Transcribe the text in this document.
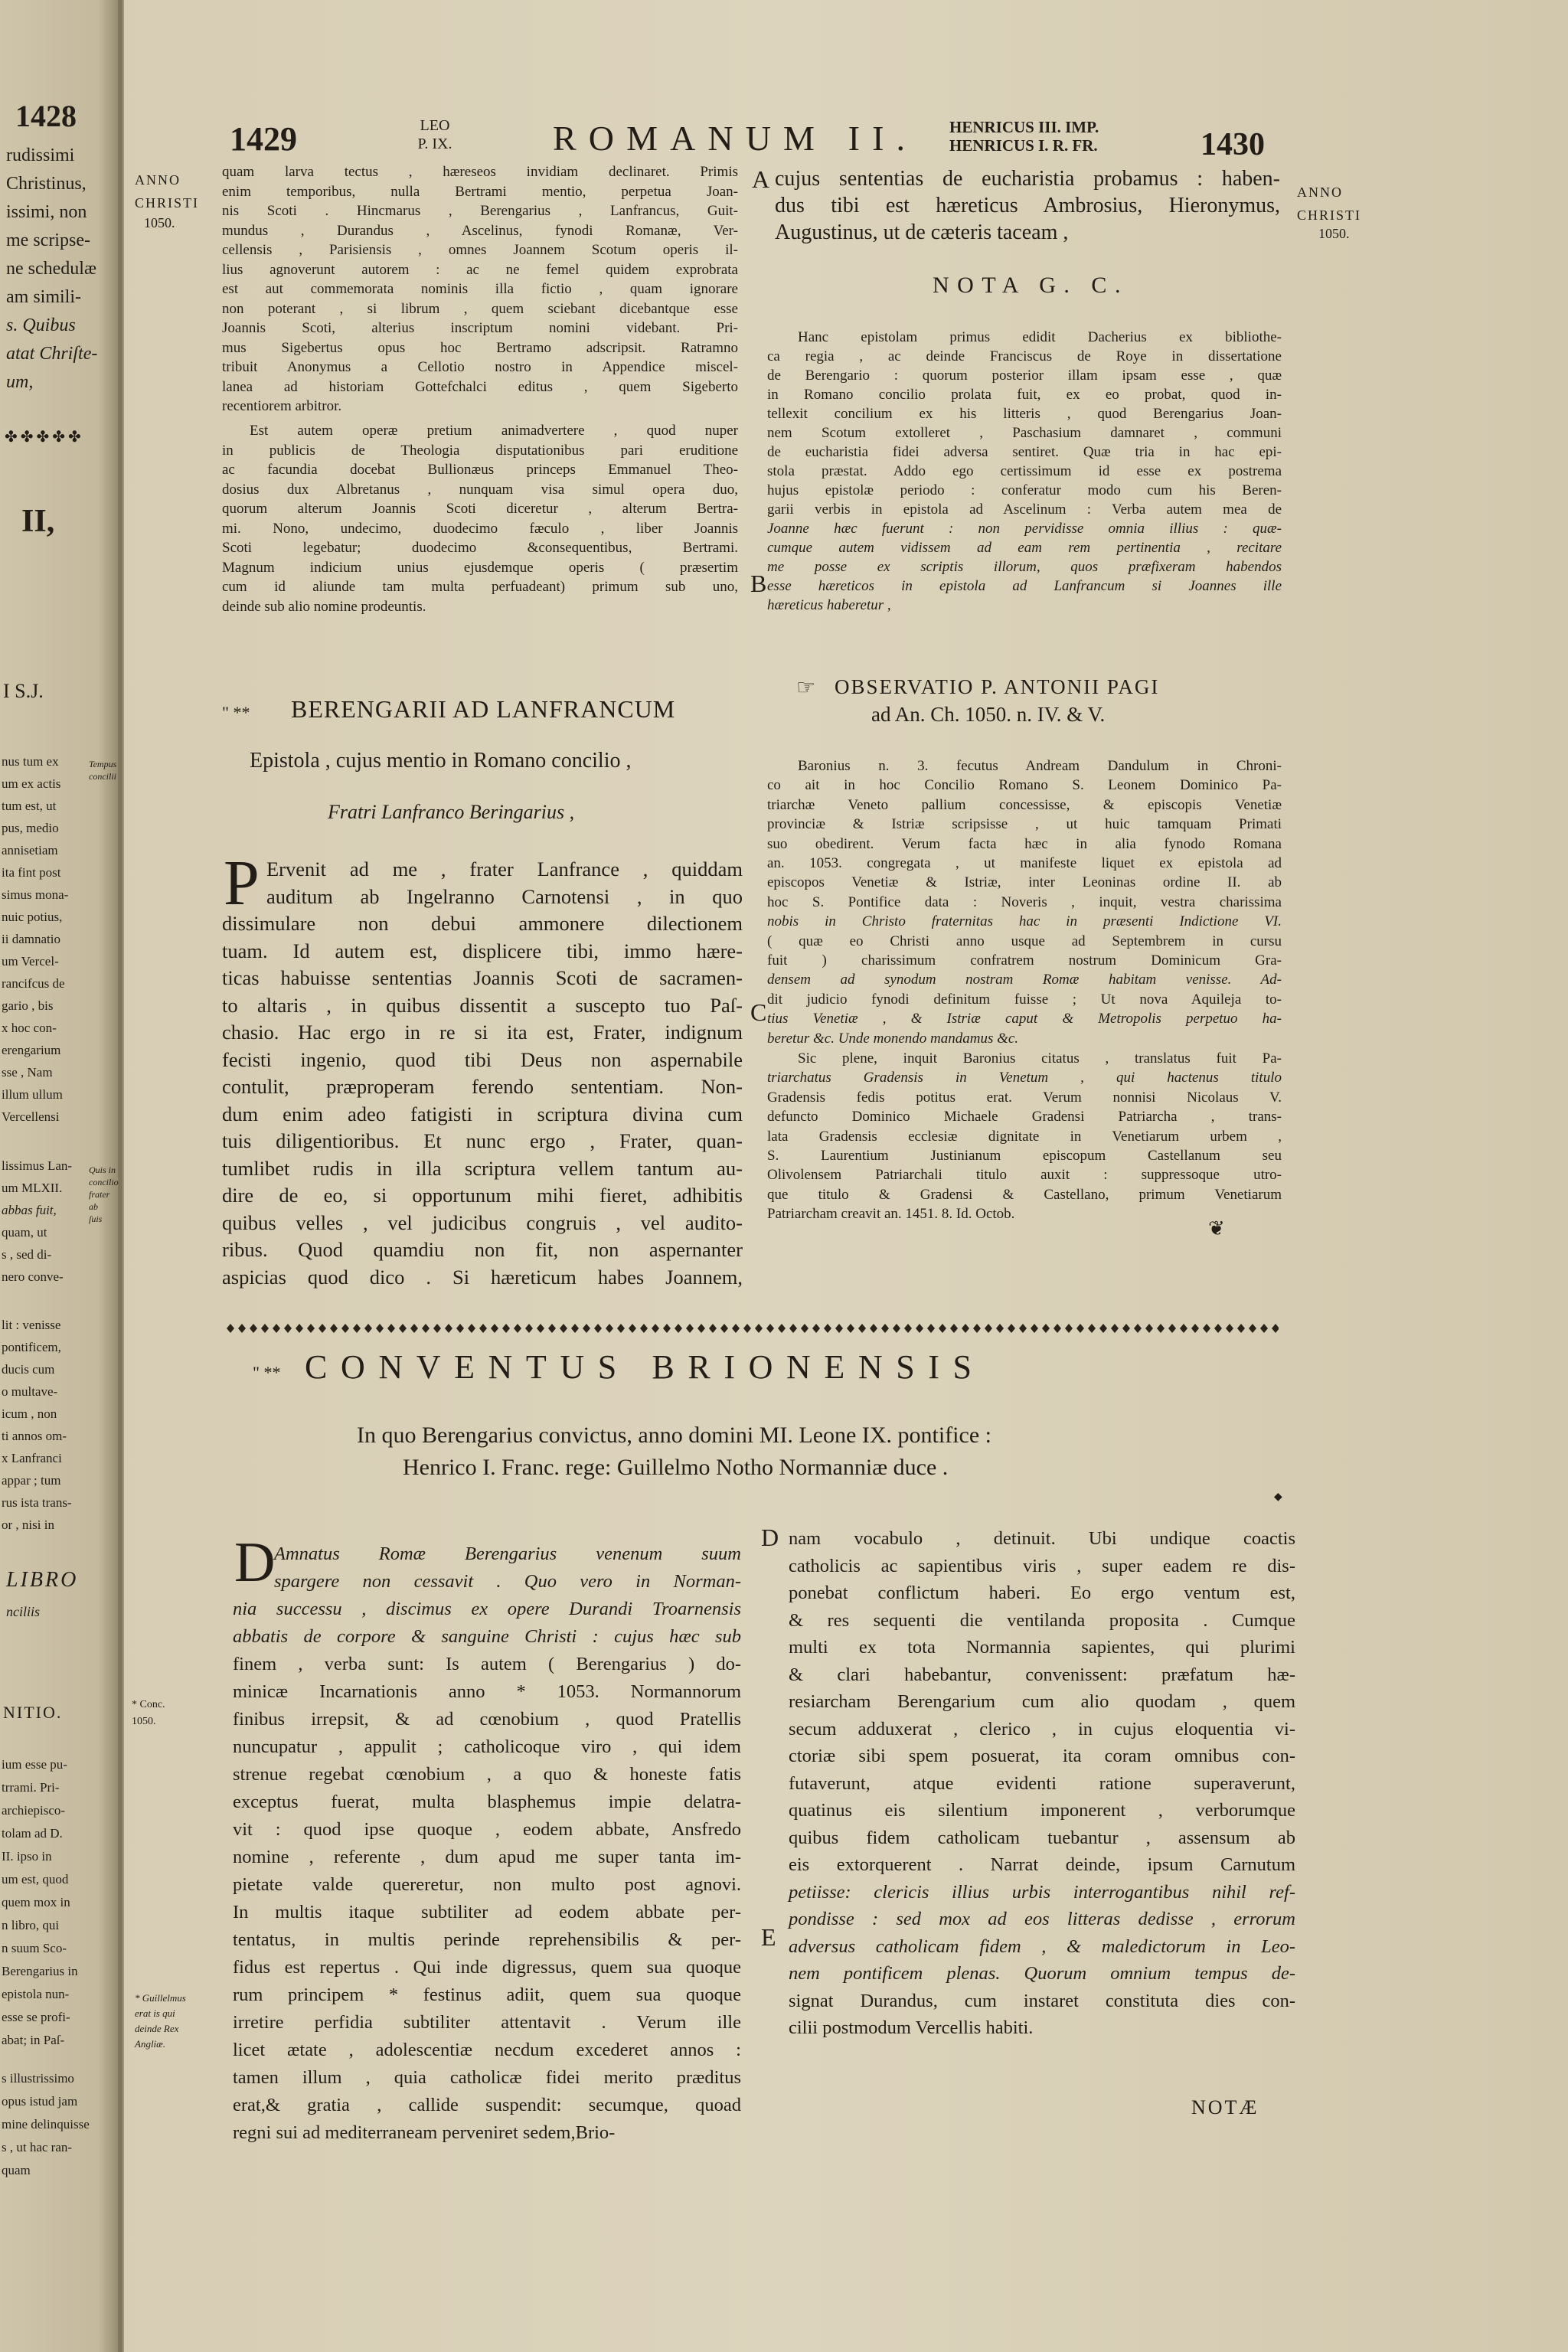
1428
1429	LEO P. IX.	ROMANUM II. HENRICUS III. IMP.
HENRICUS I. R. FR.	1430
ANNO CHRISTI
1050.
ANNO CHRISTI
1050.
rudissimi
Christinus,
issimi, non
me scripse-
ne schedulæ
am simili-
s. Quibus
atat Chriſte-
um,
✤✤✤✤✤
II,
I S.J.
nus tum ex
um ex actis
tum est, ut
pus, medio
annisetiam
ita fint post
simus mona-
nuic potius,
ii damnatio
um Vercel-
rancifcus de
gario , bis
x hoc con-
erengarium
sse , Nam
illum ullum
Vercellensi
lissimus Lan-
um MLXII.
abbas fuit,
quam, ut
s , sed di-
nero conve-
lit : venisse
pontificem,
ducis cum
o multave-
icum , non
ti annos om-
x Lanfranci
appar ; tum
rus ista trans-
or , nisi in
LIBRO
nciliis
NITIO.
ium esse pu-
trrami. Pri-
archiepisco-
tolam ad D.
II. ipso in
um est, quod
quem mox in
n libro, qui
n suum Sco-
Berengarius in
epistola nun-
esse se profi-
abat; in Paſ-
s illustrissimo
opus istud jam
mine delinquisse
s , ut hac ran-
quam
Tempus
concilii
Quis in
concilio
frater ab
ſuis
quam larva tectus , hæreseos invidiam declinaret. Primis
enim temporibus, nulla Bertrami mentio, perpetua Joan-
nis Scoti . Hincmarus , Berengarius , Lanfrancus, Guit-
mundus , Durandus , Ascelinus, fynodi Romanæ, Ver-
cellensis , Parisiensis , omnes Joannem Scotum operis il-
lius agnoverunt autorem : ac ne femel quidem exprobrata
est aut commemorata nominis illa fictio , quam ignorare
non poterant , si librum , quem sciebant dicebantque esse
Joannis Scoti, alterius inscriptum nomini videbant. Pri-
mus Sigebertus opus hoc Bertramo adscripsit. Ratramno
tribuit Anonymus a Cellotio nostro in Appendice miscel-
lanea ad historiam Gottefchalci editus , quem Sigeberto
recentiorem arbitror.
Est autem operæ pretium animadvertere , quod nuper
in publicis de Theologia disputationibus pari eruditione
ac facundia docebat Bullionæus princeps Emmanuel Theo-
dosius dux Albretanus , nunquam visa simul opera duo,
quorum alterum Joannis Scoti diceretur , alterum Bertra-
mi. Nono, undecimo, duodecimo fæculo , liber Joannis
Scoti legebatur; duodecimo &consequentibus, Bertrami.
Magnum indicium unius ejusdemque operis ( præsertim
cum id aliunde tam multa perfuadeant) primum sub uno,
deinde sub alio nomine prodeuntis.
" ** BERENGARII AD LANFRANCUM
Epistola , cujus mentio in Romano concilio ,
Fratri Lanfranco Beringarius ,
P Ervenit ad me , frater Lanfrance , quiddam
auditum ab Ingelranno Carnotensi , in quo
dissimulare non debui ammonere dilectionem
tuam. Id autem est, displicere tibi, immo hære-
ticas habuisse sententias Joannis Scoti de sacramen-
to altaris , in quibus dissentit a suscepto tuo Paſ-
chasio. Hac ergo in re si ita est, Frater, indignum
fecisti ingenio, quod tibi Deus non aspernabile
contulit, præproperam ferendo sententiam. Non-
dum enim adeo fatigisti in scriptura divina cum
tuis diligentioribus. Et nunc ergo , Frater, quan-
tumlibet rudis in illa scriptura vellem tantum au-
dire de eo, si opportunum mihi fieret, adhibitis
quibus velles , vel judicibus congruis , vel audito-
ribus. Quod quamdiu non fit, non aspernanter
aspicias quod dico . Si hæreticum habes Joannem,
A cujus sententias de eucharistia probamus : haben-
dus tibi est hæreticus Ambrosius, Hieronymus,
Augustinus, ut de cæteris taceam ,
NOTA G. C.
Hanc epistolam primus edidit Dacherius ex bibliothe-
ca regia , ac deinde Franciscus de Roye in dissertatione
de Berengario : quorum posterior illam ipsam esse , quæ
in Romano concilio prolata fuit, ex eo probat, quod in-
tellexit concilium ex his litteris , quod Berengarius Joan-
nem Scotum extolleret , Paschasium damnaret , communi
de eucharistia fidei adversa sentiret. Quæ tria in hac epi-
stola præstat. Addo ego certissimum id esse ex postrema
hujus epistolæ periodo : conferatur modo cum his Beren-
garii verbis in epistola ad Ascelinum : Verba autem mea de
Joanne hæc fuerunt : non pervidisse omnia illius : quæ-
cumque autem vidissem ad eam rem pertinentia , recitare
me posse ex scriptis illorum, quos præfixeram habendos
esse hæreticos in epistola ad Lanfrancum si Joannes ille
hæreticus haberetur ,
B
☞ OBSERVATIO P. ANTONII PAGI
ad An. Ch. 1050. n. IV. & V.
Baronius n. 3. fecutus Andream Dandulum in Chroni-
co ait in hoc Concilio Romano S. Leonem Dominico Pa-
triarchæ Veneto pallium concessisse, & episcopis Venetiæ
provinciæ & Istriæ scripsisse , ut huic tamquam Primati
suo obedirent. Verum facta hæc in alia fynodo Romana
an. 1053. congregata , ut manifeste liquet ex epistola ad
episcopos Venetiæ & Istriæ, inter Leoninas ordine II. ab
hoc S. Pontifice data : Noveris , inquit, vestra charissima
nobis in Christo fraternitas hac in præsenti Indictione VI.
( quæ eo Christi anno usque ad Septembrem in cursu
fuit ) charissimum confratrem nostrum Dominicum Gra-
densem ad synodum nostram Romæ habitam venisse. Ad-
dit judicio fynodi definitum fuisse ; Ut nova Aquileja to-
tius Venetiæ , & Istriæ caput & Metropolis perpetuo ha-
beretur &c. Unde monendo mandamus &c.
C
Sic plene, inquit Baronius citatus , translatus fuit Pa-
triarchatus Gradensis in Venetum , qui hactenus titulo
Gradensis fedis potitus erat. Verum nonnisi Nicolaus V.
defuncto Dominico Michaele Gradensi Patriarcha , trans-
lata Gradensis ecclesiæ dignitate in Venetiarum urbem ,
S. Laurentium Justinianum episcopum Castellanum seu
Olivolensem Patriarchali titulo auxit : suppressoque utro-
que titulo & Gradensi & Castellano, primum Venetiarum
Patriarcham creavit an. 1451. 8. Id. Octob.
❦
" ** CONVENTUS BRIONENSIS
In quo Berengarius convictus, anno domini MI. Leone IX. pontifice :
Henrico I. Franc. rege: Guillelmo Notho Normanniæ duce .
◆
D
Amnatus Romæ Berengarius venenum suum
spargere non cessavit . Quo vero in Norman-
nia successu , discimus ex opere Durandi Troarnensis
abbatis de corpore & sanguine Christi : cujus hæc sub
finem , verba sunt: Is autem ( Berengarius ) do-
minicæ Incarnationis anno * 1053. Normannorum
finibus irrepsit, & ad cœnobium , quod Pratellis
nuncupatur , appulit ; catholicoque viro , qui idem
strenue regebat cœnobium , a quo & honeste fatis
exceptus fuerat, multa blasphemus impie delatra-
vit : quod ipse quoque , eodem abbate, Ansfredo
nomine , referente , dum apud me super tanta im-
pietate valde quereretur, non multo post agnovi.
In multis itaque subtiliter ad eodem abbate per-
tentatus, in multis perinde reprehensibilis & per-
fidus est repertus . Qui inde digressus, quem sua quoque
rum principem * festinus adiit, quem sua quoque
irretire perfidia subtiliter attentavit . Verum ille
licet ætate , adolescentiæ necdum excederet annos :
tamen illum , quia catholicæ fidei merito præditus
erat,& gratia , callide suspendit: secumque, quoad
regni sui ad mediterraneam perveniret sedem,Brio-
* Conc. 1050.
* Guillelmus
erat is qui
deinde Rex
Angliæ.
D
E
nam vocabulo , detinuit. Ubi undique coactis
catholicis ac sapientibus viris , super eadem re dis-
ponebat conflictum haberi. Eo ergo ventum est,
& res sequenti die ventilanda proposita . Cumque
multi ex tota Normannia sapientes, qui plurimi
& clari habebantur, convenissent: præfatum hæ-
resiarcham Berengarium cum alio quodam , quem
secum adduxerat , clerico , in cujus eloquentia vi-
ctoriæ sibi spem posuerat, ita coram omnibus con-
futaverunt, atque evidenti ratione superaverunt,
quatinus eis silentium imponerent , verborumque
quibus fidem catholicam tuebantur , assensum ab
eis extorquerent . Narrat deinde, ipsum Carnutum
petiisse: clericis illius urbis interrogantibus nihil ref-
pondisse : sed mox ad eos litteras dedisse , errorum
adversus catholicam fidem , & maledictorum in Leo-
nem pontificem plenas. Quorum omnium tempus de-
signat Durandus, cum instaret constituta dies con-
cilii postmodum Vercellis habiti.
NOTÆ
